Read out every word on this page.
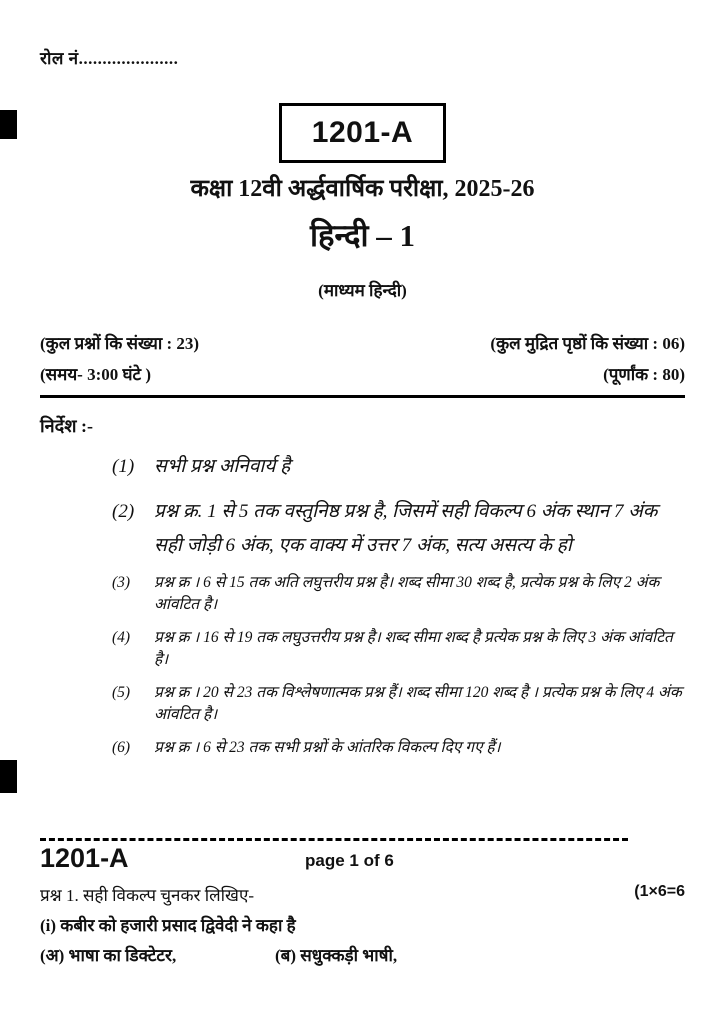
रोल नं.....................
1201-A
कक्षा 12वी अर्द्धवार्षिक परीक्षा, 2025-26
हिन्दी – 1
(माध्यम हिन्दी)
(कुल प्रश्नों कि संख्या : 23)	(कुल मुद्रित पृष्ठों कि संख्या : 06)
(समय- 3:00 घंटे )	(पूर्णांक : 80)
निर्देश :-
(1)	सभी प्रश्न अनिवार्य है
(2)	प्रश्न क्र. 1 से 5 तक वस्तुनिष्ठ प्रश्न है, जिसमें सही विकल्प 6 अंक स्थान 7 अंक सही जोड़ी 6 अंक, एक वाक्य में उत्तर 7 अंक, सत्य असत्य के हो
(3)	प्रश्न क्र । 6 से 15 तक अति लघुत्तरीय प्रश्न है। शब्द सीमा 30 शब्द है, प्रत्येक प्रश्न के लिए 2 अंक आंवटित है।
(4)	प्रश्न क्र । 16 से 19 तक लघुउत्तरीय प्रश्न है। शब्द सीमा शब्द है प्रत्येक प्रश्न के लिए 3 अंक आंवटित है।
(5)	प्रश्न क्र । 20 से 23 तक विश्लेषणात्मक प्रश्न हैं। शब्द सीमा 120 शब्द है । प्रत्येक प्रश्न के लिए 4 अंक आंवटित है।
(6)	प्रश्न क्र । 6 से 23 तक सभी प्रश्नों के आंतरिक विकल्प दिए गए हैं।
1201-A	page 1 of 6
प्रश्न 1. सही विकल्प चुनकर लिखिए-	(1×6=6
(i) कबीर को हजारी प्रसाद द्विवेदी ने कहा है
(अ) भाषा का डिक्टेटर,	(ब) सधुक्कड़ी भाषी,
